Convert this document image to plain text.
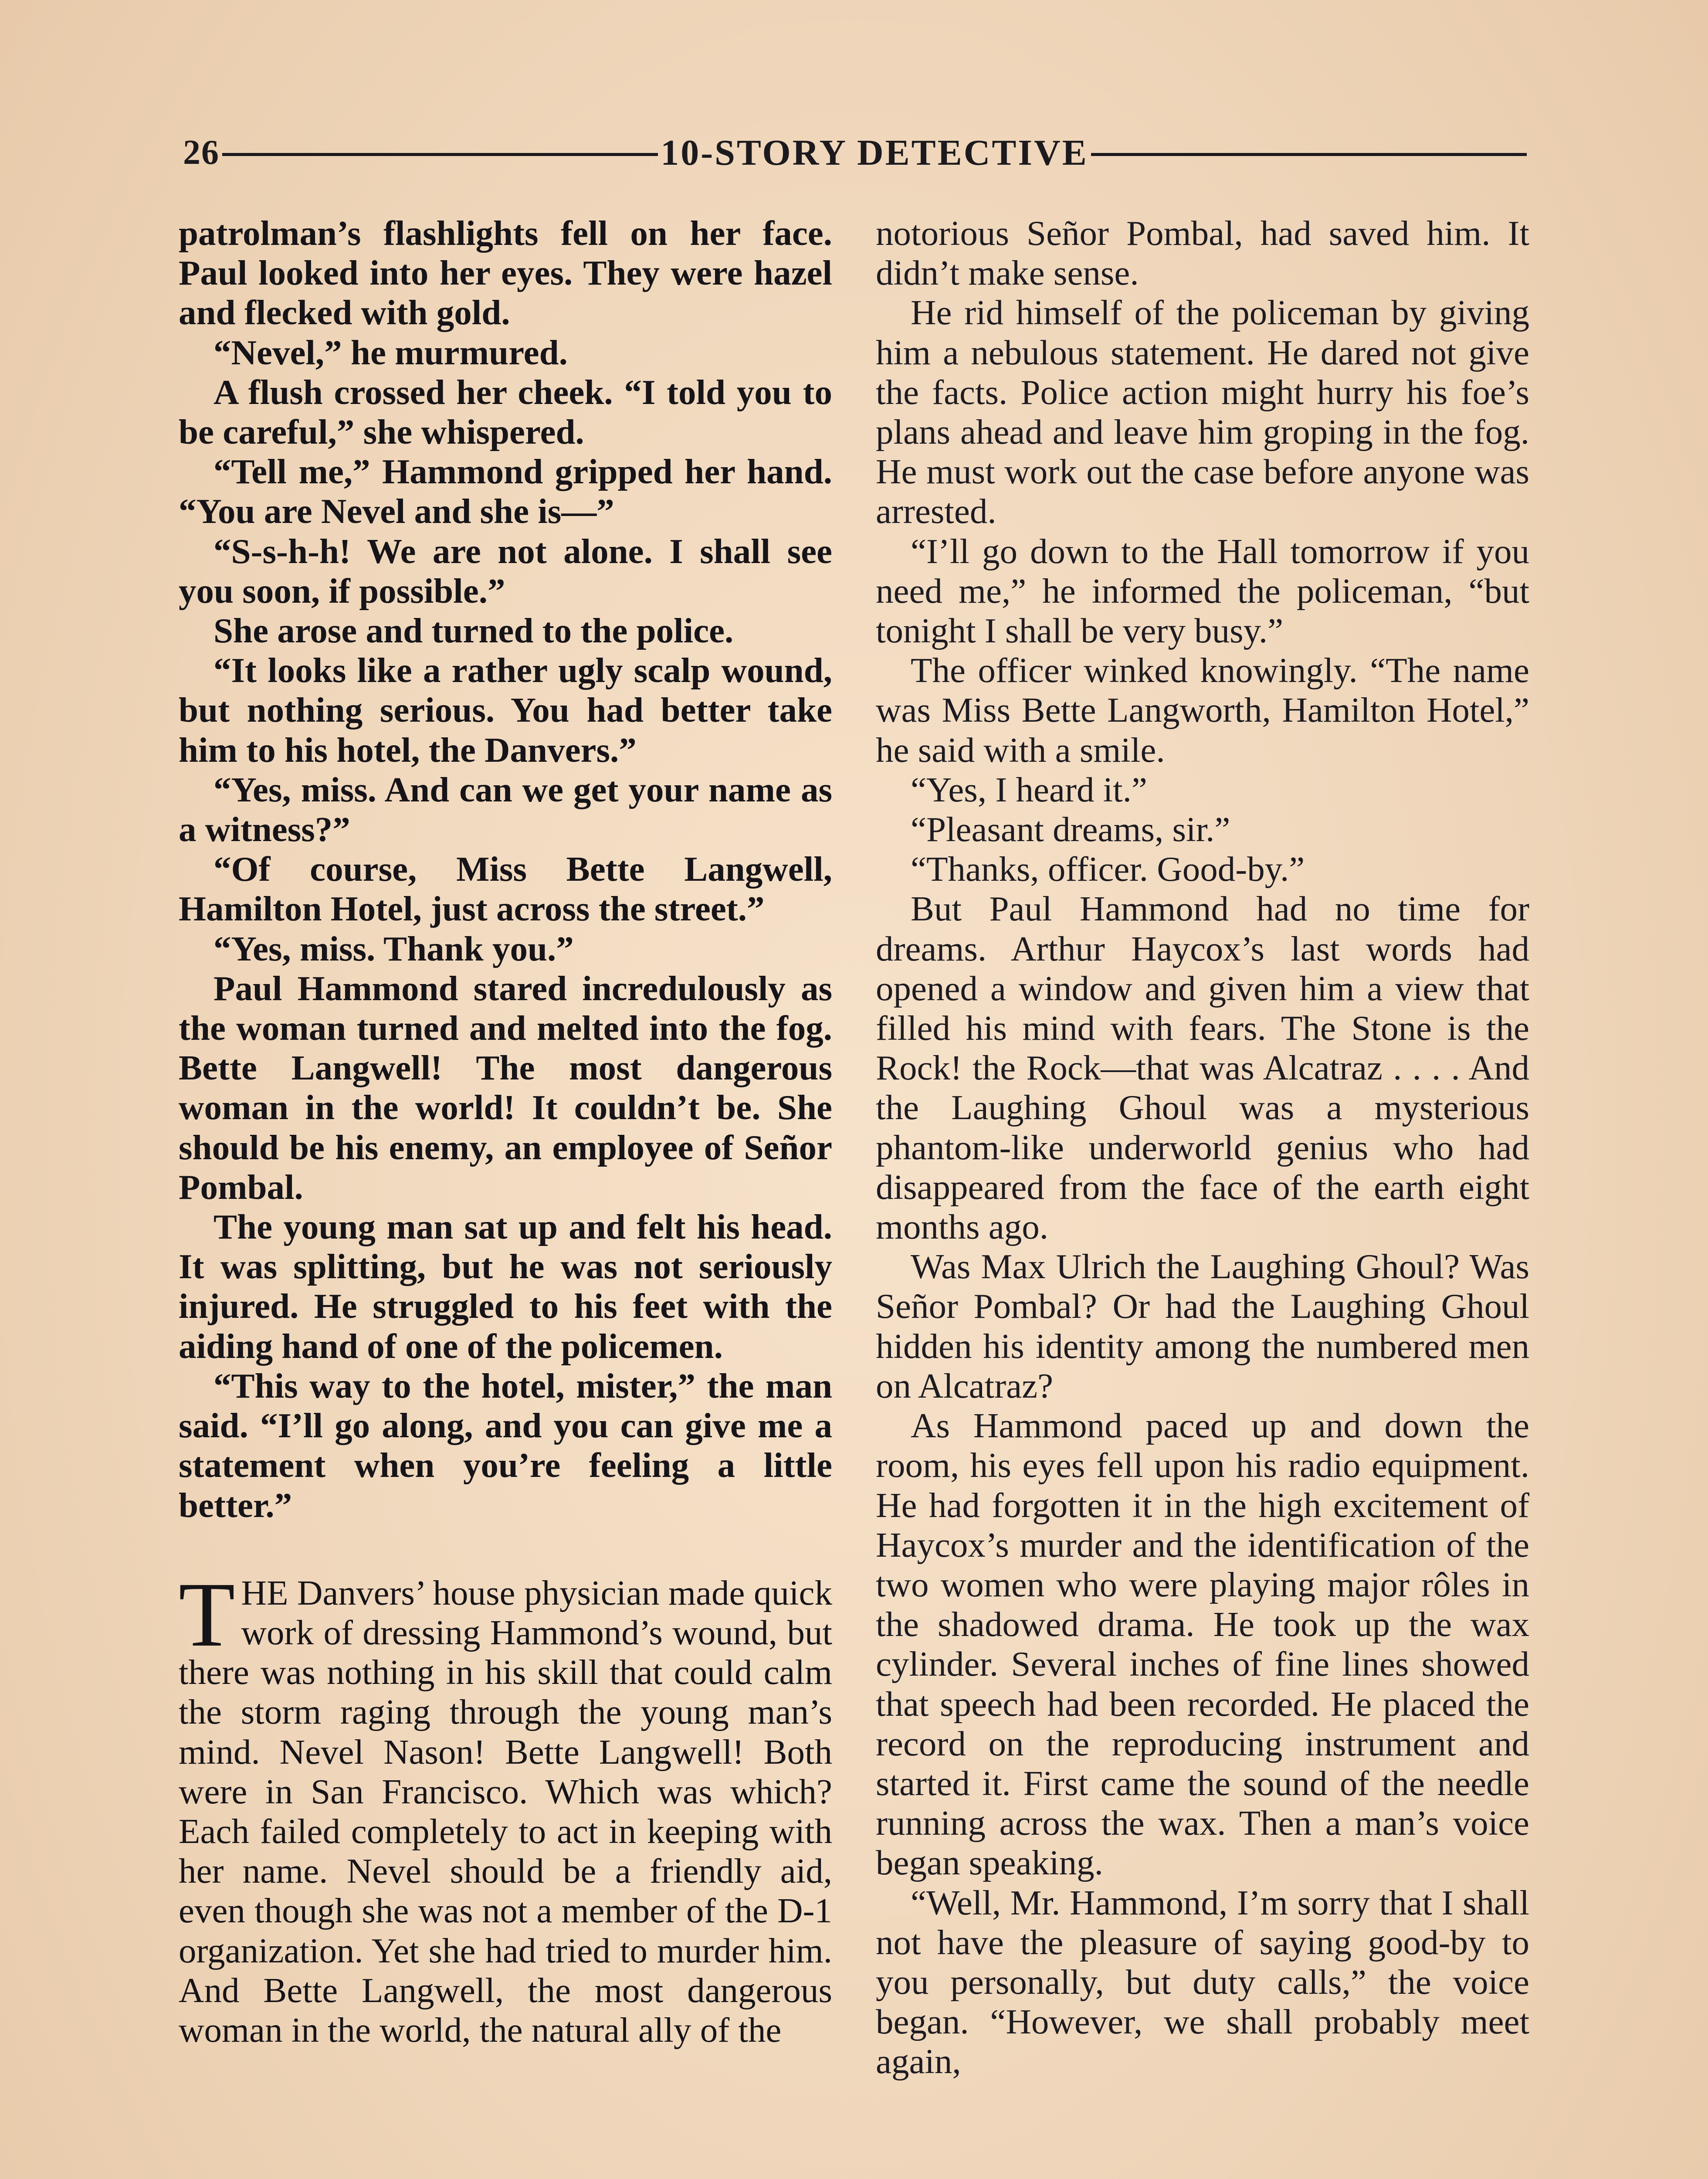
26	10-STORY DETECTIVE

patrolman’s flashlights fell on her face. Paul looked into her eyes. They were hazel and flecked with gold.

“Nevel,” he murmured.

A flush crossed her cheek. “I told you to be careful,” she whispered.

“Tell me,” Hammond gripped her hand. “You are Nevel and she is—”

“S-s-h-h! We are not alone. I shall see you soon, if possible.”

She arose and turned to the police.

“It looks like a rather ugly scalp wound, but nothing serious. You had better take him to his hotel, the Danvers.”

“Yes, miss. And can we get your name as a witness?”

“Of course, Miss Bette Langwell, Hamilton Hotel, just across the street.”

“Yes, miss. Thank you.”

Paul Hammond stared incredulously as the woman turned and melted into the fog. Bette Langwell! The most dangerous woman in the world! It couldn’t be. She should be his enemy, an employee of Señor Pombal.

The young man sat up and felt his head. It was splitting, but he was not seriously injured. He struggled to his feet with the aiding hand of one of the policemen.

“This way to the hotel, mister,” the man said. “I’ll go along, and you can give me a statement when you’re feeling a little better.”

THE Danvers’ house physician made quick work of dressing Hammond’s wound, but there was nothing in his skill that could calm the storm raging through the young man’s mind. Nevel Nason! Bette Langwell! Both were in San Francisco. Which was which? Each failed completely to act in keeping with her name. Nevel should be a friendly aid, even though she was not a member of the D-1 organization. Yet she had tried to murder him. And Bette Langwell, the most dangerous woman in the world, the natural ally of the

notorious Señor Pombal, had saved him. It didn’t make sense.

He rid himself of the policeman by giving him a nebulous statement. He dared not give the facts. Police action might hurry his foe’s plans ahead and leave him groping in the fog. He must work out the case before anyone was arrested.

“I’ll go down to the Hall tomorrow if you need me,” he informed the policeman, “but tonight I shall be very busy.”

The officer winked knowingly. “The name was Miss Bette Langworth, Hamilton Hotel,” he said with a smile.

“Yes, I heard it.”

“Pleasant dreams, sir.”

“Thanks, officer. Good-by.”

But Paul Hammond had no time for dreams. Arthur Haycox’s last words had opened a window and given him a view that filled his mind with fears. The Stone is the Rock! the Rock—that was Alcatraz . . . . And the Laughing Ghoul was a mysterious phantom-like underworld genius who had disappeared from the face of the earth eight months ago.

Was Max Ulrich the Laughing Ghoul? Was Señor Pombal? Or had the Laughing Ghoul hidden his identity among the numbered men on Alcatraz?

As Hammond paced up and down the room, his eyes fell upon his radio equipment. He had forgotten it in the high excitement of Haycox’s murder and the identification of the two women who were playing major rôles in the shadowed drama. He took up the wax cylinder. Several inches of fine lines showed that speech had been recorded. He placed the record on the reproducing instrument and started it. First came the sound of the needle running across the wax. Then a man’s voice began speaking.

“Well, Mr. Hammond, I’m sorry that I shall not have the pleasure of saying good-by to you personally, but duty calls,” the voice began. “However, we shall probably meet again,
